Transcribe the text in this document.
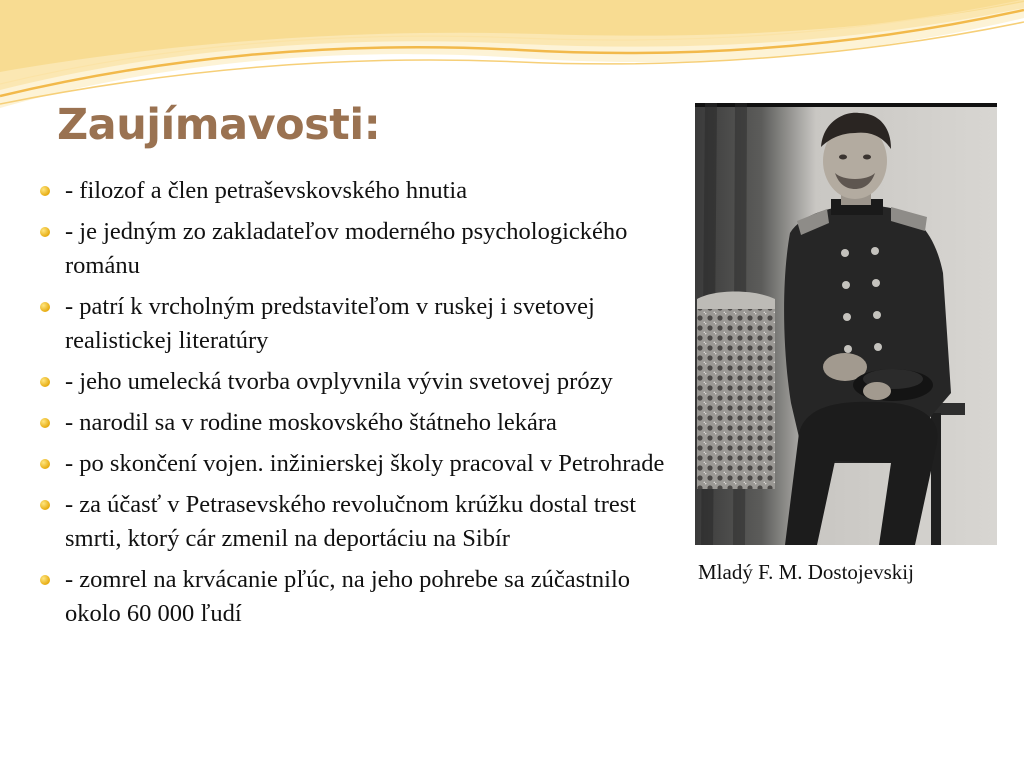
Zaujímavosti:
- filozof a člen petraševskovského hnutia
- je jedným zo zakladateľov moderného psychologického románu
- patrí k vrcholným predstaviteľom v ruskej i svetovej realistickej literatúry
- jeho umelecká tvorba ovplyvnila vývin svetovej prózy
- narodil sa v rodine moskovského štátneho lekára
- po skončení vojen. inžinierskej školy pracoval v Petrohrade
- za účasť v Petrasevského revolučnom krúžku dostal trest smrti, ktorý cár zmenil na deportáciu na Sibír
- zomrel na krvácanie pľúc, na jeho pohrebe sa zúčastnilo okolo 60 000 ľudí
Mladý F. M. Dostojevskij
